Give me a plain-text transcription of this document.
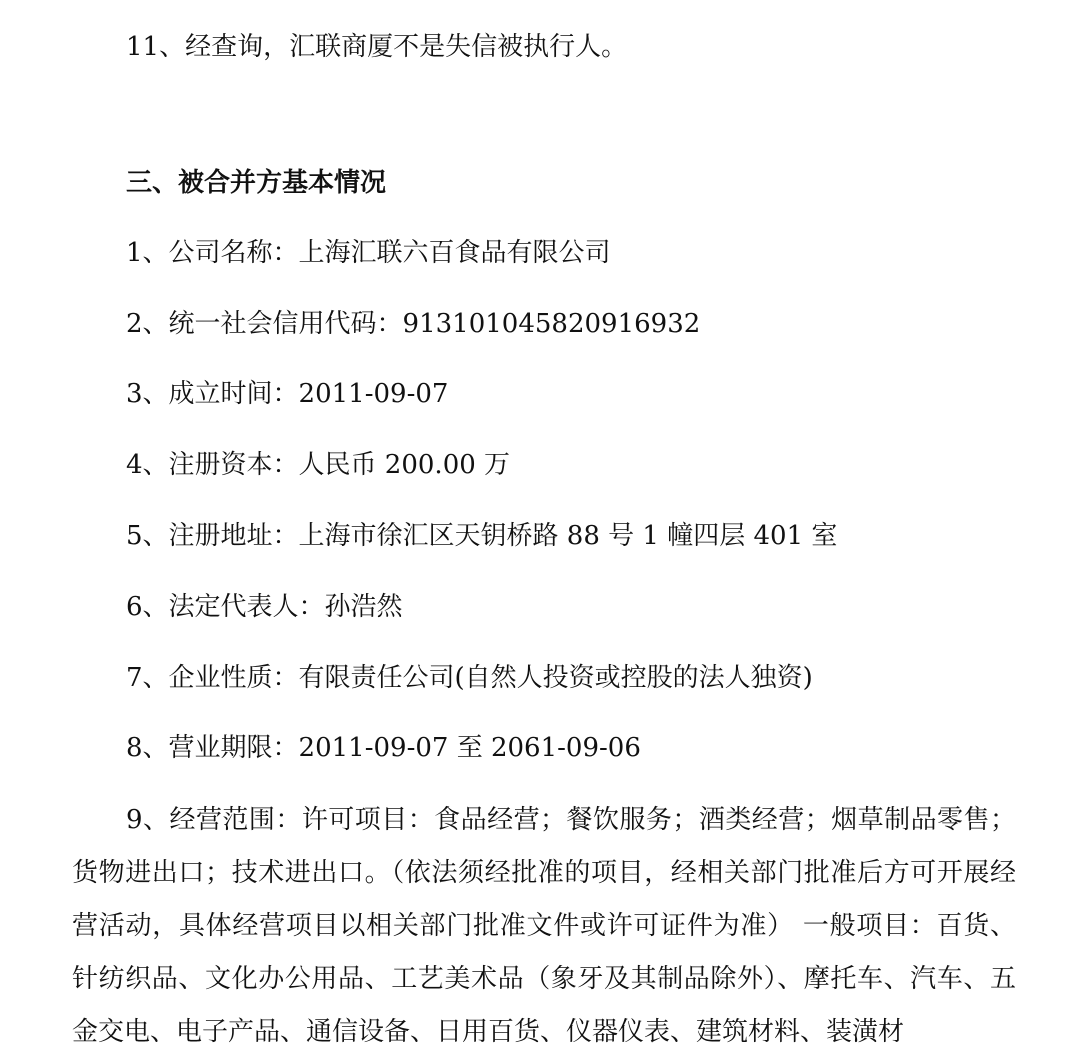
11、经查询，汇联商厦不是失信被执行人。
三、被合并方基本情况
1、公司名称：上海汇联六百食品有限公司
2、统一社会信用代码：913101045820916932
3、成立时间：2011-09-07
4、注册资本：人民币 200.00 万
5、注册地址：上海市徐汇区天钥桥路 88 号 1 幢四层 401 室
6、法定代表人：孙浩然
7、企业性质：有限责任公司(自然人投资或控股的法人独资)
8、营业期限：2011-09-07 至 2061-09-06
9、经营范围：许可项目：食品经营；餐饮服务；酒类经营；烟草制品零售；货物进出口；技术进出口。（依法须经批准的项目，经相关部门批准后方可开展经营活动，具体经营项目以相关部门批准文件或许可证件为准） 一般项目：百货、针纺织品、文化办公用品、工艺美术品（象牙及其制品除外）、摩托车、汽车、五金交电、电子产品、通信设备、日用百货、仪器仪表、建筑材料、装潢材
